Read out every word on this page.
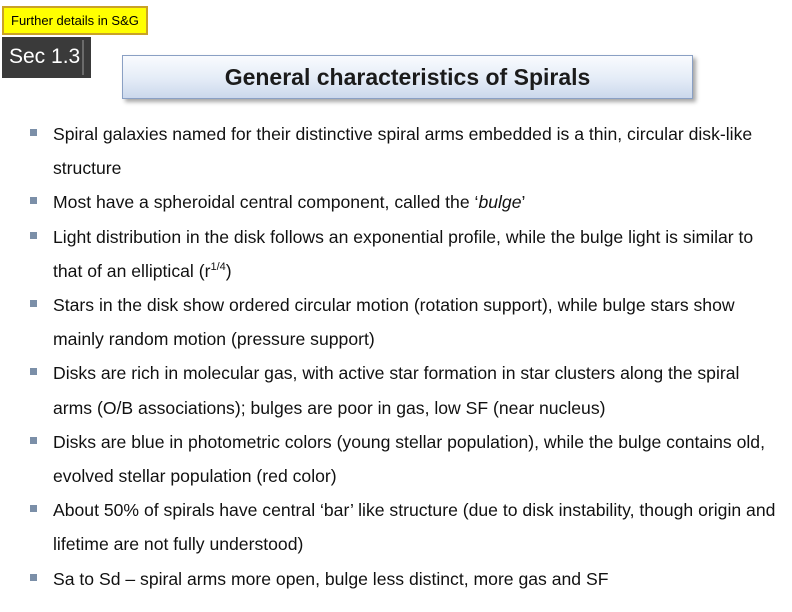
Further details in S&G
Sec 1.3
General characteristics of Spirals
Spiral galaxies named for their distinctive spiral arms embedded is a thin, circular disk-like structure
Most have a spheroidal central component, called the ‘bulge’
Light distribution in the disk follows an exponential profile, while the bulge light is similar to that of an elliptical $(r^{1/4})$
Stars in the disk show ordered circular motion (rotation support), while bulge stars show mainly random motion (pressure support)
Disks are rich in molecular gas, with active star formation in star clusters along the spiral arms (O/B associations); bulges are poor in gas, low SF (near nucleus)
Disks are blue in photometric colors (young stellar population), while the bulge contains old, evolved stellar population (red color)
About 50% of spirals have central ‘bar’ like structure (due to disk instability, though origin and lifetime are not fully understood)
Sa to Sd – spiral arms more open, bulge less distinct, more gas and SF
